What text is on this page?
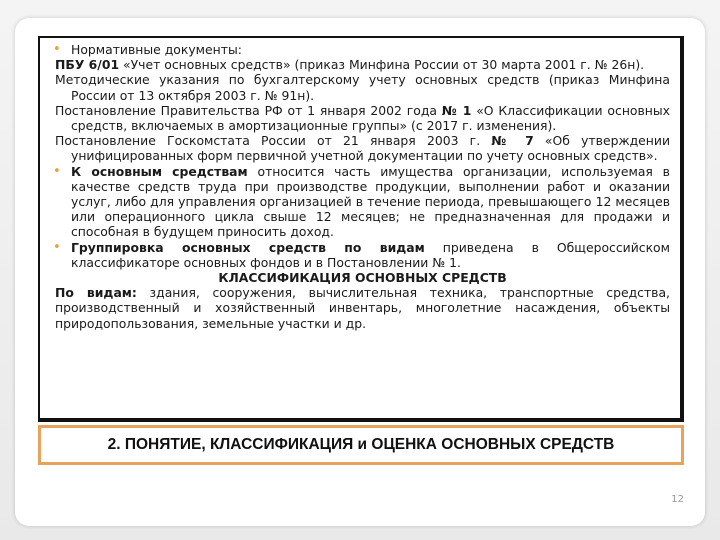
• Нормативные документы:

ПБУ 6/01 «Учет основных средств» (приказ Минфина России от 30 марта 2001 г. № 26н).

Методические указания по бухгалтерскому учету основных средств (приказ Минфина России от 13 октября 2003 г. № 91н).

Постановление Правительства РФ от 1 января 2002 года № 1 «О Классификации основных средств, включаемых в амортизационные группы» (с 2017 г. изменения).

Постановление Госкомстата России от 21 января 2003 г. № 7 «Об утверждении унифицированных форм первичной учетной документации по учету основных средств».

• К основным средствам относится часть имущества организации, используемая в качестве средств труда при производстве продукции, выполнении работ и оказании услуг, либо для управления организацией в течение периода, превышающего 12 месяцев или операционного цикла свыше 12 месяцев; не предназначенная для продажи и способная в будущем приносить доход.

• Группировка основных средств по видам приведена в Общероссийском классификаторе основных фондов и в Постановлении № 1.

КЛАССИФИКАЦИЯ ОСНОВНЫХ СРЕДСТВ

По видам: здания, сооружения, вычислительная техника, транспортные средства, производственный и хозяйственный инвентарь, многолетние насаждения, объекты природопользования, земельные участки и др.

2. ПОНЯТИЕ, КЛАССИФИКАЦИЯ и ОЦЕНКА ОСНОВНЫХ СРЕДСТВ
12
